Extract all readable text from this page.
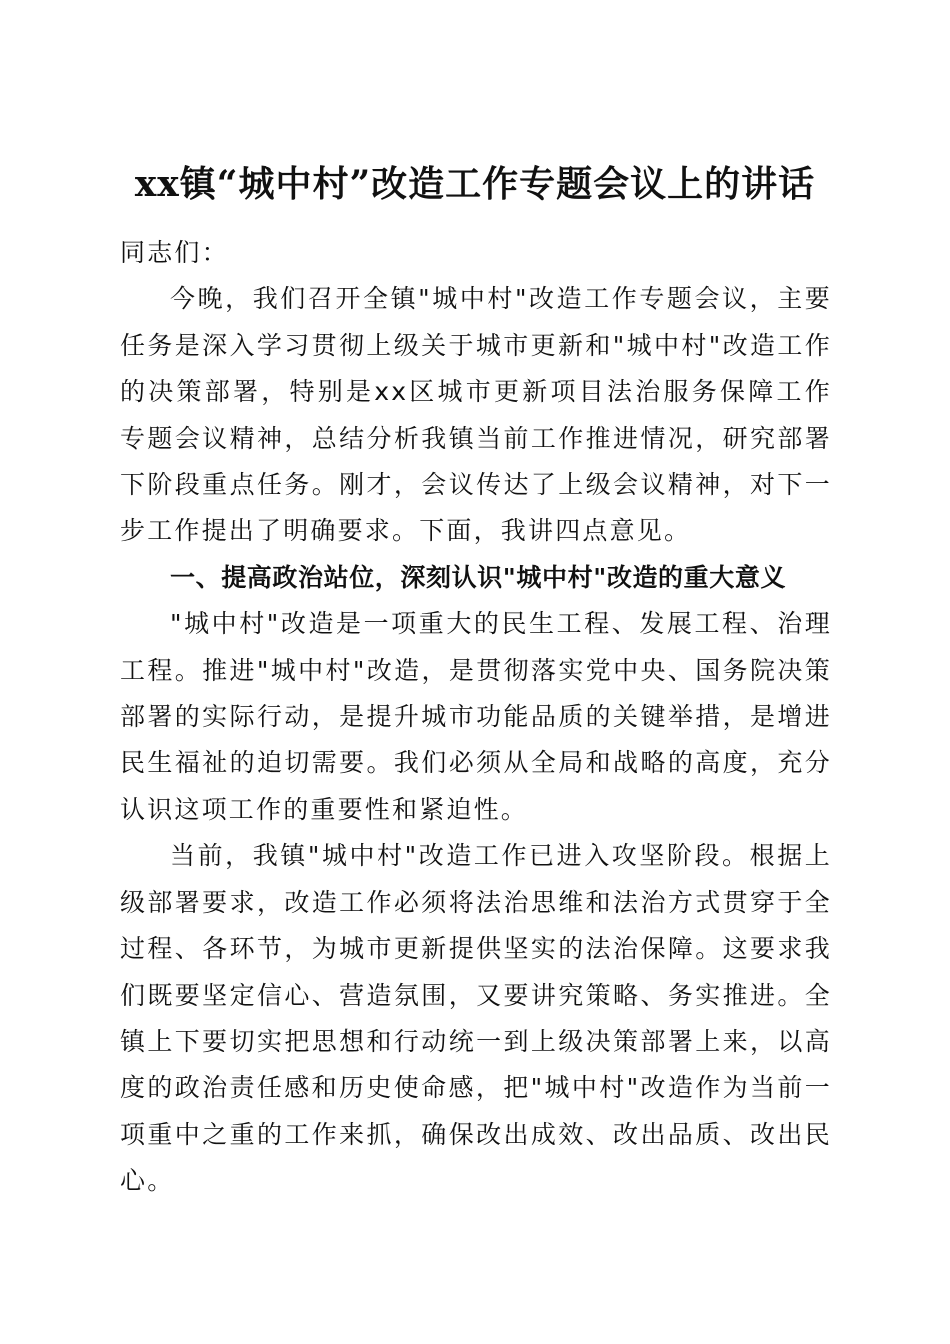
xx镇“城中村”改造工作专题会议上的讲话

同志们：

今晚，我们召开全镇"城中村"改造工作专题会议，主要任务是深入学习贯彻上级关于城市更新和"城中村"改造工作的决策部署，特别是xx区城市更新项目法治服务保障工作专题会议精神，总结分析我镇当前工作推进情况，研究部署下阶段重点任务。刚才，会议传达了上级会议精神，对下一步工作提出了明确要求。下面，我讲四点意见。

一、提高政治站位，深刻认识"城中村"改造的重大意义

"城中村"改造是一项重大的民生工程、发展工程、治理工程。推进"城中村"改造，是贯彻落实党中央、国务院决策部署的实际行动，是提升城市功能品质的关键举措，是增进民生福祉的迫切需要。我们必须从全局和战略的高度，充分认识这项工作的重要性和紧迫性。

当前，我镇"城中村"改造工作已进入攻坚阶段。根据上级部署要求，改造工作必须将法治思维和法治方式贯穿于全过程、各环节，为城市更新提供坚实的法治保障。这要求我们既要坚定信心、营造氛围，又要讲究策略、务实推进。全镇上下要切实把思想和行动统一到上级决策部署上来，以高度的政治责任感和历史使命感，把"城中村"改造作为当前一项重中之重的工作来抓，确保改出成效、改出品质、改出民心。
